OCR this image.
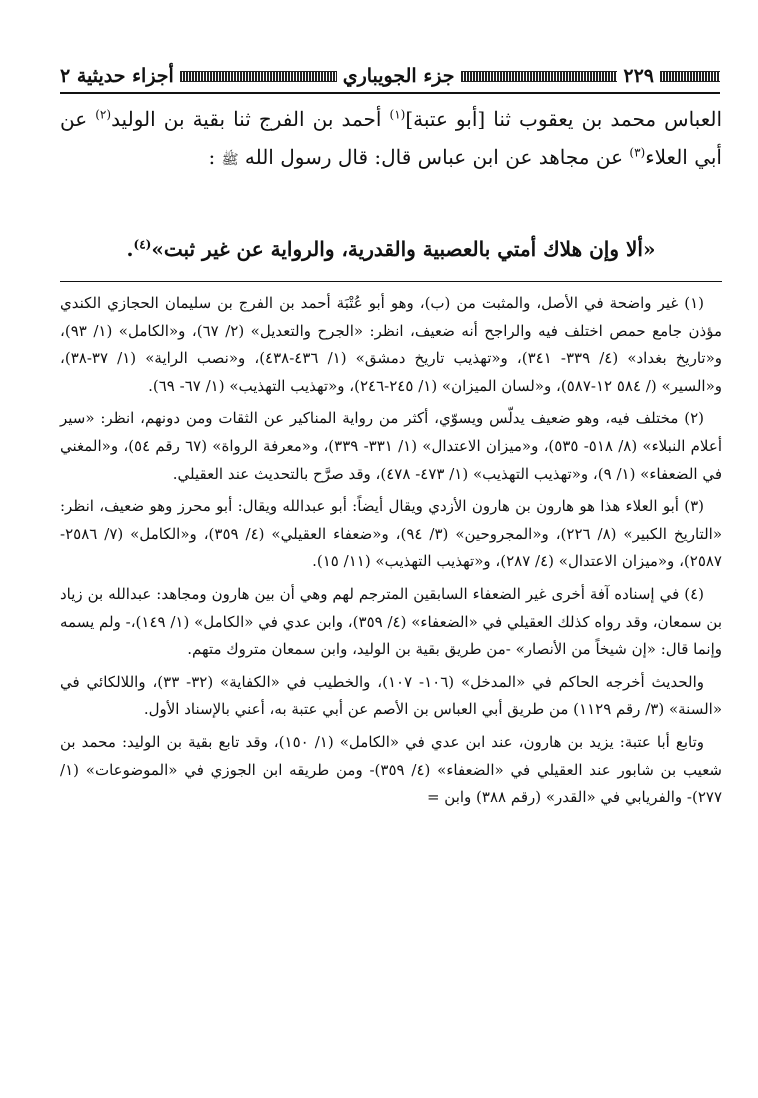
أجزاء حديثية ٢	جزء الجويباري	٢٢٩
العباس محمد بن يعقوب ثنا [أبو عتبة]$^{(١)}$ أحمد بن الفرج ثنا بقية بن الوليد$^{(٢)}$ عن أبي العلاء$^{(٣)}$ عن مجاهد عن ابن عباس قال: قال رسول الله ﷺ :
«ألا وإن هلاك أمتي بالعصبية والقدرية، والرواية عن غير ثبت»$^{(٤)}$.

(١) غير واضحة في الأصل، والمثبت من (ب)، وهو أبو عُتْبَة أحمد بن الفرج بن سليمان الحجازي الكندي مؤذن جامع حمص اختلف فيه والراجح أنه ضعيف، انظر: «الجرح والتعديل» (٢/ ٦٧)، و«الكامل» (١/ ٩٣)، و«تاريخ بغداد» (٤/ ٣٣٩- ٣٤١)، و«تهذيب تاريخ دمشق» (١/ ٤٣٦-٤٣٨)، و«نصب الراية» (١/ ٣٧-٣٨)، و«السير» (/ ٥٨٤ ١٢-٥٨٧)، و«لسان الميزان» (١/ ٢٤٥-٢٤٦)، و«تهذيب التهذيب» (١/ ٦٧- ٦٩).

(٢) مختلف فيه، وهو ضعيف يدلّس ويسوّي، أكثر من رواية المناكير عن الثقات ومن دونهم، انظر: «سير أعلام النبلاء» (٨/ ٥١٨- ٥٣٥)، و«ميزان الاعتدال» (١/ ٣٣١- ٣٣٩)، و«معرفة الرواة» (٦٧ رقم ٥٤)، و«المغني في الضعفاء» (١/ ٩)، و«تهذيب التهذيب» (١/ ٤٧٣- ٤٧٨)، وقد صرَّح بالتحديث عند العقيلي.

(٣) أبو العلاء هذا هو هارون بن هارون الأزدي ويقال أيضاً: أبو عبدالله ويقال: أبو محرز وهو ضعيف، انظر: «التاريخ الكبير» (٨/ ٢٢٦)، و«المجروحين» (٣/ ٩٤)، و«ضعفاء العقيلي» (٤/ ٣٥٩)، و«الكامل» (٧/ ٢٥٨٦- ٢٥٨٧)، و«ميزان الاعتدال» (٤/ ٢٨٧)، و«تهذيب التهذيب» (١١/ ١٥).

(٤) في إسناده آفة أخرى غير الضعفاء السابقين المترجم لهم وهي أن بين هارون ومجاهد: عبدالله بن زياد بن سمعان، وقد رواه كذلك العقيلي في «الضعفاء» (٤/ ٣٥٩)، وابن عدي في «الكامل» (١/ ١٤٩)،- ولم يسمه وإنما قال: «إن شيخاً من الأنصار» -من طريق بقية بن الوليد، وابن سمعان متروك متهم.

والحديث أخرجه الحاكم في «المدخل» (١٠٦- ١٠٧)، والخطيب في «الكفاية» (٣٢- ٣٣)، واللالكائي في «السنة» (٣/ رقم ١١٢٩) من طريق أبي العباس بن الأصم عن أبي عتبة به، أعني بالإسناد الأول.

وتابع أبا عتبة: يزيد بن هارون، عند ابن عدي في «الكامل» (١/ ١٥٠)، وقد تابع بقية بن الوليد: محمد بن شعيب بن شابور عند العقيلي في «الضعفاء» (٤/ ٣٥٩)- ومن طريقه ابن الجوزي في «الموضوعات» (١/ ٢٧٧)- والفريابي في «القدر» (رقم ٣٨٨) وابن =
